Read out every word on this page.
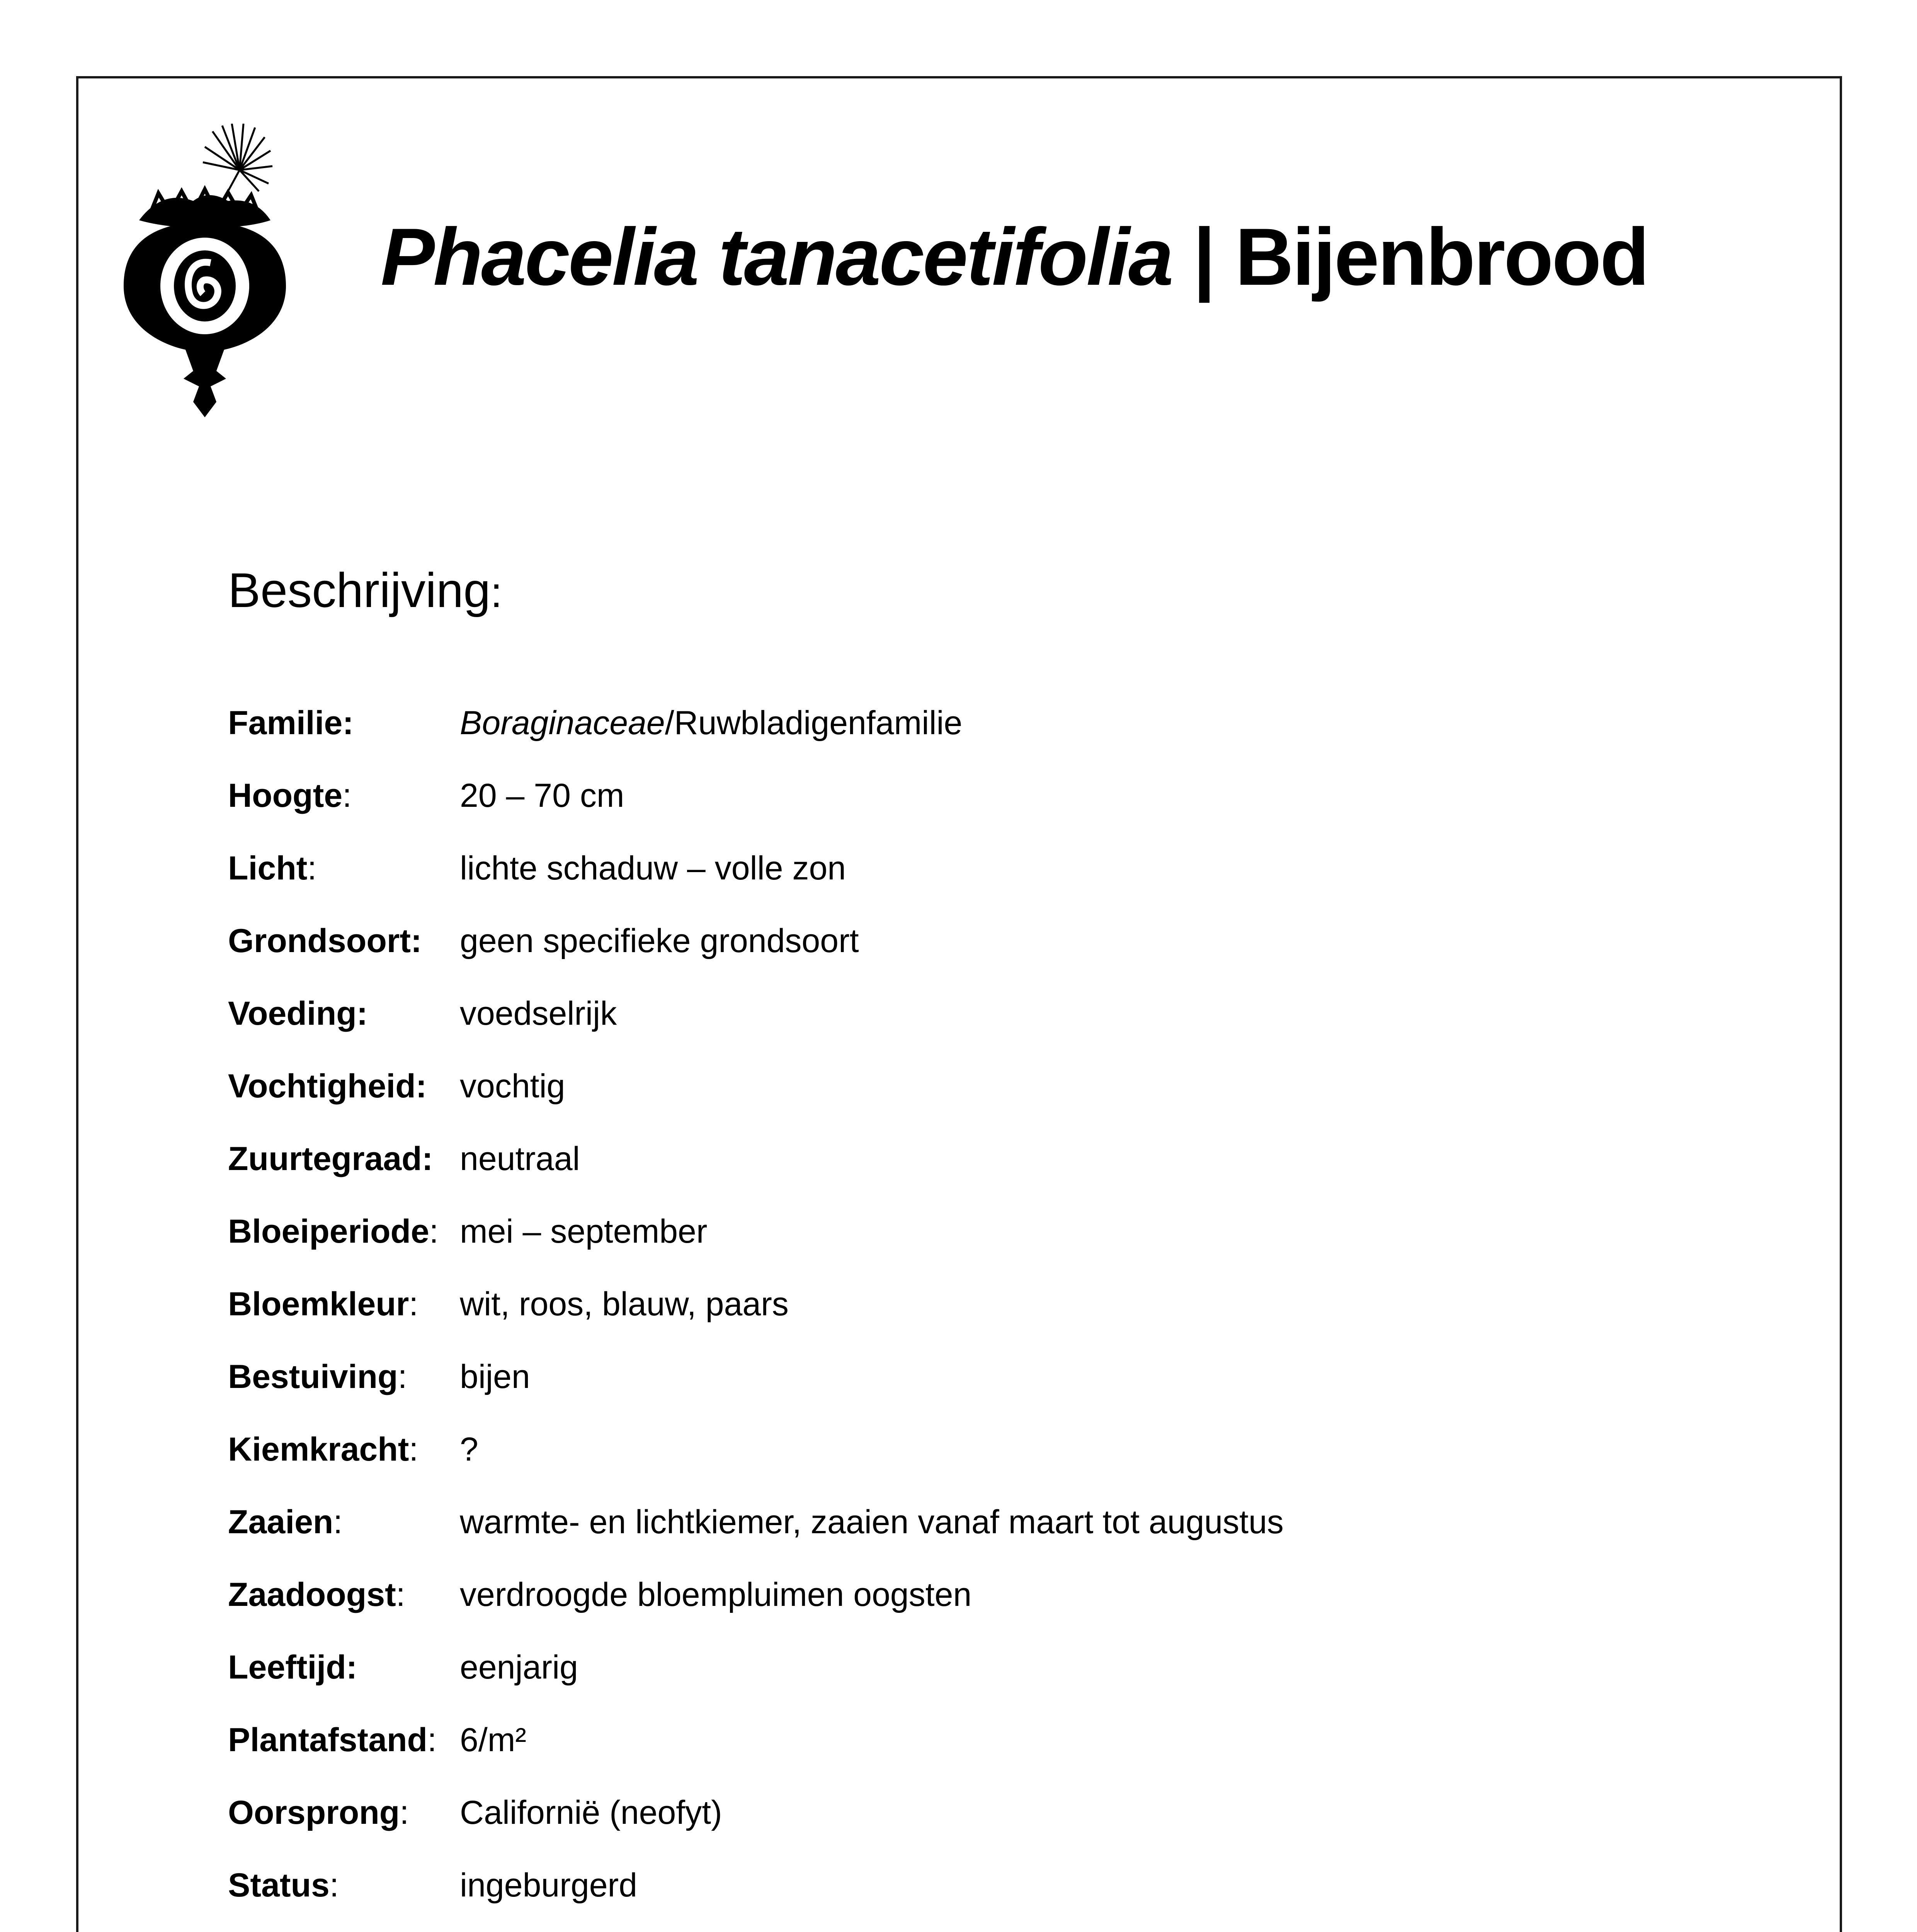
Phacelia tanacetifolia | Bijenbrood
Beschrijving:
Familie:	Boraginaceae/Ruwbladigenfamilie
Hoogte:	20 – 70 cm
Licht:	lichte schaduw – volle zon
Grondsoort: geen specifieke grondsoort
Voeding:	voedselrijk
Vochtigheid: vochtig
Zuurtegraad: neutraal
Bloeiperiode: mei – september
Bloemkleur: wit, roos, blauw, paars
Bestuiving: bijen
Kiemkracht: ?
Zaaien:	warmte- en lichtkiemer, zaaien vanaf maart tot augustus
Zaadoogst: verdroogde bloempluimen oogsten
Leeftijd:	eenjarig
Plantafstand: 6/m²
Oorsprong: Californië (neofyt)
Status:	ingeburgerd
